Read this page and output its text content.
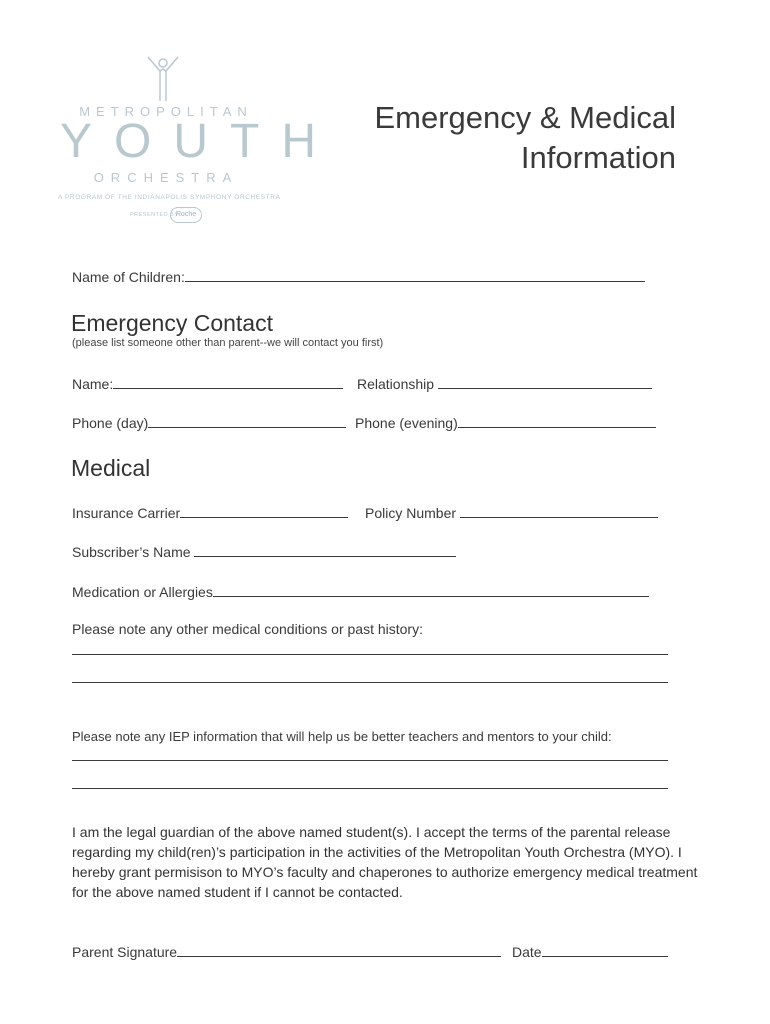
METROPOLITAN
YOUTH
ORCHESTRA
A PROGRAM OF THE INDIANAPOLIS SYMPHONY ORCHESTRA
PRESENTED BY
Roche
Emergency & Medical
Information
Name of Children:
Emergency Contact
(please list someone other than parent--we will contact you first)
Name:	Relationship
Phone (day)	Phone (evening)
Medical
Insurance Carrier	Policy Number
Subscriber’s Name
Medication or Allergies
Please note any other medical conditions or past history:
Please note any IEP information that will help us be better teachers and mentors to your child:
I am the legal guardian of the above named student(s). I accept the terms of the parental release regarding my child(ren)’s participation in the activities of the Metropolitan Youth Orchestra (MYO). I hereby grant permisison to MYO’s faculty and chaperones to authorize emergency medical treatment for the above named student if I cannot be contacted.
Parent Signature	Date
